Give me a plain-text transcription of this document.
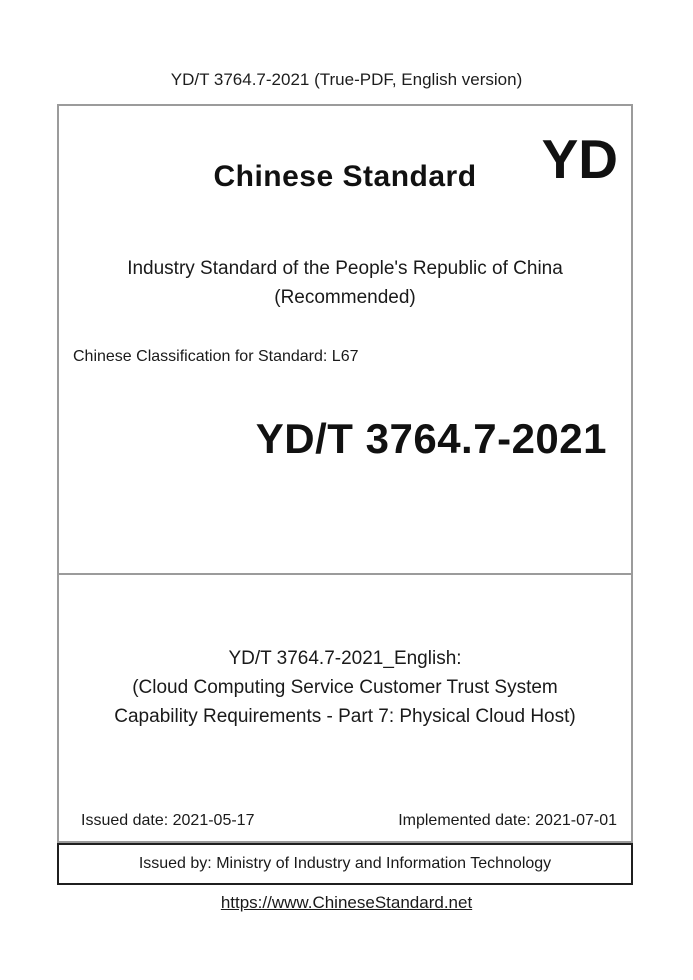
YD/T 3764.7-2021 (True-PDF, English version)
Chinese Standard	YD
Industry Standard of the People's Republic of China
(Recommended)
Chinese Classification for Standard: L67
YD/T 3764.7-2021
YD/T 3764.7-2021_English:
(Cloud Computing Service Customer Trust System
Capability Requirements - Part 7: Physical Cloud Host)
Issued date: 2021-05-17	Implemented date: 2021-07-01
Issued by: Ministry of Industry and Information Technology
https://www.ChineseStandard.net
